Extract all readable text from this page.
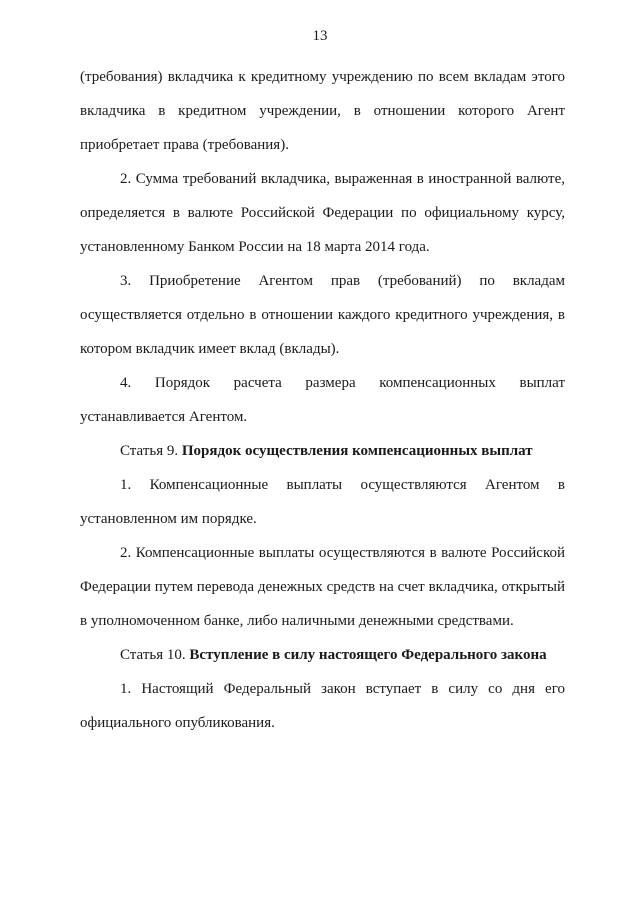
13
(требования) вкладчика к кредитному учреждению по всем вкладам этого
вкладчика в кредитном учреждении, в отношении которого Агент
приобретает права (требования).
2. Сумма требований вкладчика, выраженная в иностранной валюте,
определяется в валюте Российской Федерации по официальному курсу,
установленному Банком России на 18 марта 2014 года.
3. Приобретение Агентом прав (требований) по вкладам
осуществляется отдельно в отношении каждого кредитного учреждения, в
котором вкладчик имеет вклад (вклады).
4. Порядок расчета размера компенсационных выплат
устанавливается Агентом.
Статья 9. Порядок осуществления компенсационных выплат
1. Компенсационные выплаты осуществляются Агентом в
установленном им порядке.
2. Компенсационные выплаты осуществляются в валюте Российской
Федерации путем перевода денежных средств на счет вкладчика, открытый
в уполномоченном банке, либо наличными денежными средствами.
Статья 10. Вступление в силу настоящего Федерального закона
1. Настоящий Федеральный закон вступает в силу со дня его
официального опубликования.
